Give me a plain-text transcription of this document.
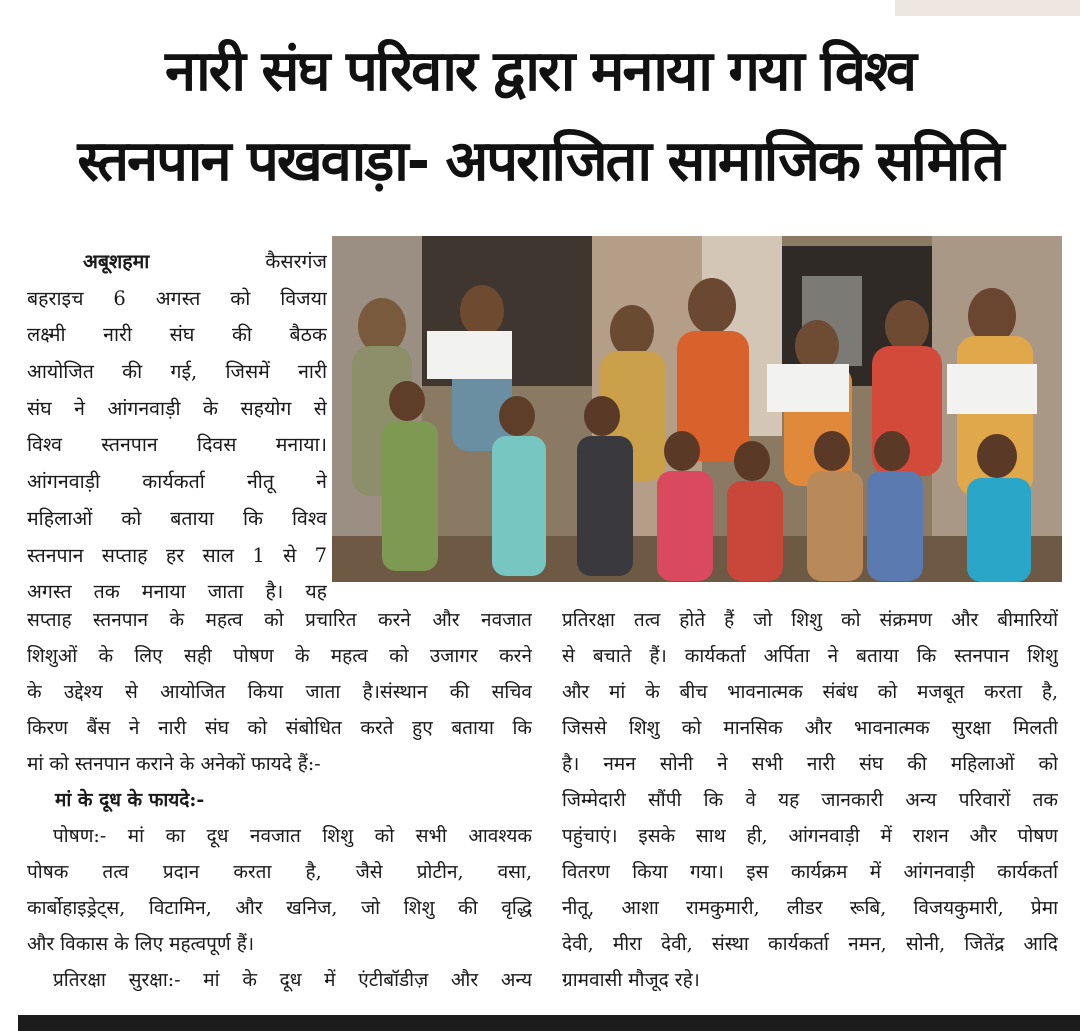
नारी संघ परिवार द्वारा मनाया गया विश्व
स्तनपान पखवाड़ा- अपराजिता सामाजिक समिति
अबूशहमा	कैसरगंज
बहराइच 6 अगस्त को विजया
लक्ष्मी नारी संघ की बैठक
आयोजित की गई, जिसमें नारी
संघ ने आंगनवाड़ी के सहयोग से
विश्व स्तनपान दिवस मनाया।
आंगनवाड़ी कार्यकर्ता नीतू ने
महिलाओं को बताया कि विश्व
स्तनपान सप्ताह हर साल 1 से 7
अगस्त तक मनाया जाता है। यह
सप्ताह स्तनपान के महत्व को प्रचारित करने और नवजात
शिशुओं के लिए सही पोषण के महत्व को उजागर करने
के उद्देश्य से आयोजित किया जाता है।संस्थान की सचिव
किरण बैंस ने नारी संघ को संबोधित करते हुए बताया कि
मां को स्तनपान कराने के अनेकों फायदे हैं:-
मां के दूध के फायदे:-
पोषण:- मां का दूध नवजात शिशु को सभी आवश्यक
पोषक तत्व प्रदान करता है, जैसे प्रोटीन, वसा,
कार्बोहाइड्रेट्स, विटामिन, और खनिज, जो शिशु की वृद्धि
और विकास के लिए महत्वपूर्ण हैं।
प्रतिरक्षा सुरक्षा:- मां के दूध में एंटीबॉडीज़ और अन्य
प्रतिरक्षा तत्व होते हैं जो शिशु को संक्रमण और बीमारियों
से बचाते हैं। कार्यकर्ता अर्पिता ने बताया कि स्तनपान शिशु
और मां के बीच भावनात्मक संबंध को मजबूत करता है,
जिससे शिशु को मानसिक और भावनात्मक सुरक्षा मिलती
है। नमन सोनी ने सभी नारी संघ की महिलाओं को
जिम्मेदारी सौंपी कि वे यह जानकारी अन्य परिवारों तक
पहुंचाएं। इसके साथ ही, आंगनवाड़ी में राशन और पोषण
वितरण किया गया। इस कार्यक्रम में आंगनवाड़ी कार्यकर्ता
नीतू, आशा रामकुमारी, लीडर रूबि, विजयकुमारी, प्रेमा
देवी, मीरा देवी, संस्था कार्यकर्ता नमन, सोनी, जितेंद्र आदि
ग्रामवासी मौजूद रहे।
